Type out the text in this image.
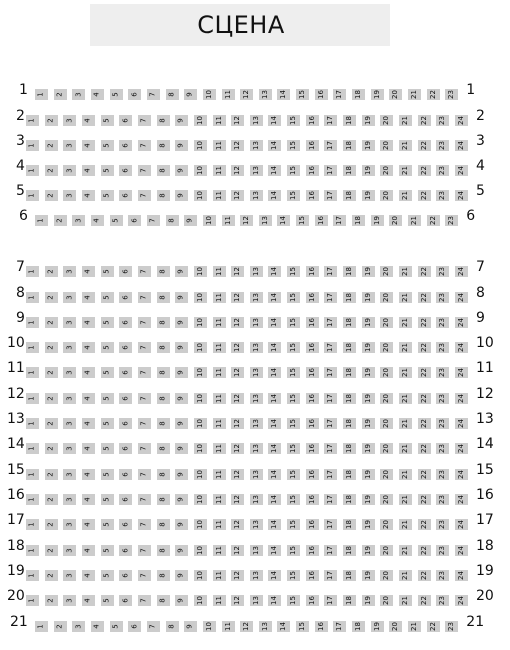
СЦЕНА
1 1 2 3 4 5 6 7 8 9 10 11 12 13 14 15 16 17 18 19 20 21 22 23 1
2 1 2 3 4 5 6 7 8 9 10 11 12 13 14 15 16 17 18 19 20 21 22 23 24 2
3 1 2 3 4 5 6 7 8 9 10 11 12 13 14 15 16 17 18 19 20 21 22 23 24 3
4 1 2 3 4 5 6 7 8 9 10 11 12 13 14 15 16 17 18 19 20 21 22 23 24 4
5 1 2 3 4 5 6 7 8 9 10 11 12 13 14 15 16 17 18 19 20 21 22 23 24 5
6 1 2 3 4 5 6 7 8 9 10 11 12 13 14 15 16 17 18 19 20 21 22 23 6
7 1 2 3 4 5 6 7 8 9 10 11 12 13 14 15 16 17 18 19 20 21 22 23 24 7
8 1 2 3 4 5 6 7 8 9 10 11 12 13 14 15 16 17 18 19 20 21 22 23 24 8
9 1 2 3 4 5 6 7 8 9 10 11 12 13 14 15 16 17 18 19 20 21 22 23 24 9
10 1 2 3 4 5 6 7 8 9 10 11 12 13 14 15 16 17 18 19 20 21 22 23 24 10
11 1 2 3 4 5 6 7 8 9 10 11 12 13 14 15 16 17 18 19 20 21 22 23 24 11
12 1 2 3 4 5 6 7 8 9 10 11 12 13 14 15 16 17 18 19 20 21 22 23 24 12
13 1 2 3 4 5 6 7 8 9 10 11 12 13 14 15 16 17 18 19 20 21 22 23 24 13
14 1 2 3 4 5 6 7 8 9 10 11 12 13 14 15 16 17 18 19 20 21 22 23 24 14
15 1 2 3 4 5 6 7 8 9 10 11 12 13 14 15 16 17 18 19 20 21 22 23 24 15
16 1 2 3 4 5 6 7 8 9 10 11 12 13 14 15 16 17 18 19 20 21 22 23 24 16
17 1 2 3 4 5 6 7 8 9 10 11 12 13 14 15 16 17 18 19 20 21 22 23 24 17
18 1 2 3 4 5 6 7 8 9 10 11 12 13 14 15 16 17 18 19 20 21 22 23 24 18
19 1 2 3 4 5 6 7 8 9 10 11 12 13 14 15 16 17 18 19 20 21 22 23 24 19
20 1 2 3 4 5 6 7 8 9 10 11 12 13 14 15 16 17 18 19 20 21 22 23 24 20
21 1 2 3 4 5 6 7 8 9 10 11 12 13 14 15 16 17 18 19 20 21 22 23 21
